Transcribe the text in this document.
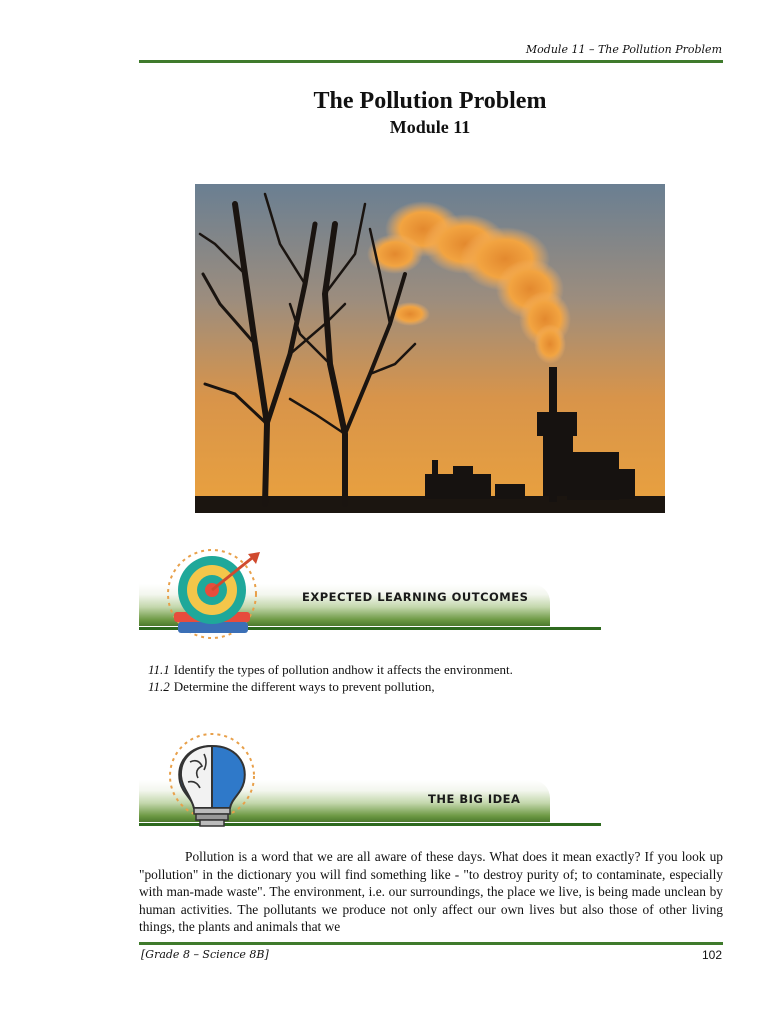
Module 11 – The Pollution Problem
The Pollution Problem
Module 11
EXPECTED LEARNING OUTCOMES
11.1 Identify the types of pollution andhow it affects the environment.
11.2 Determine the different ways to prevent pollution,
THE BIG IDEA
Pollution is a word that we are all aware of these days. What does it mean exactly? If you look up "pollution" in the dictionary you will find something like - "to destroy purity of; to contaminate, especially with man-made waste". The environment, i.e. our surroundings, the place we live, is being made unclean by human activities. The pollutants we produce not only affect our own lives but also those of other living things, the plants and animals that we
[Grade 8 – Science 8B]	102
